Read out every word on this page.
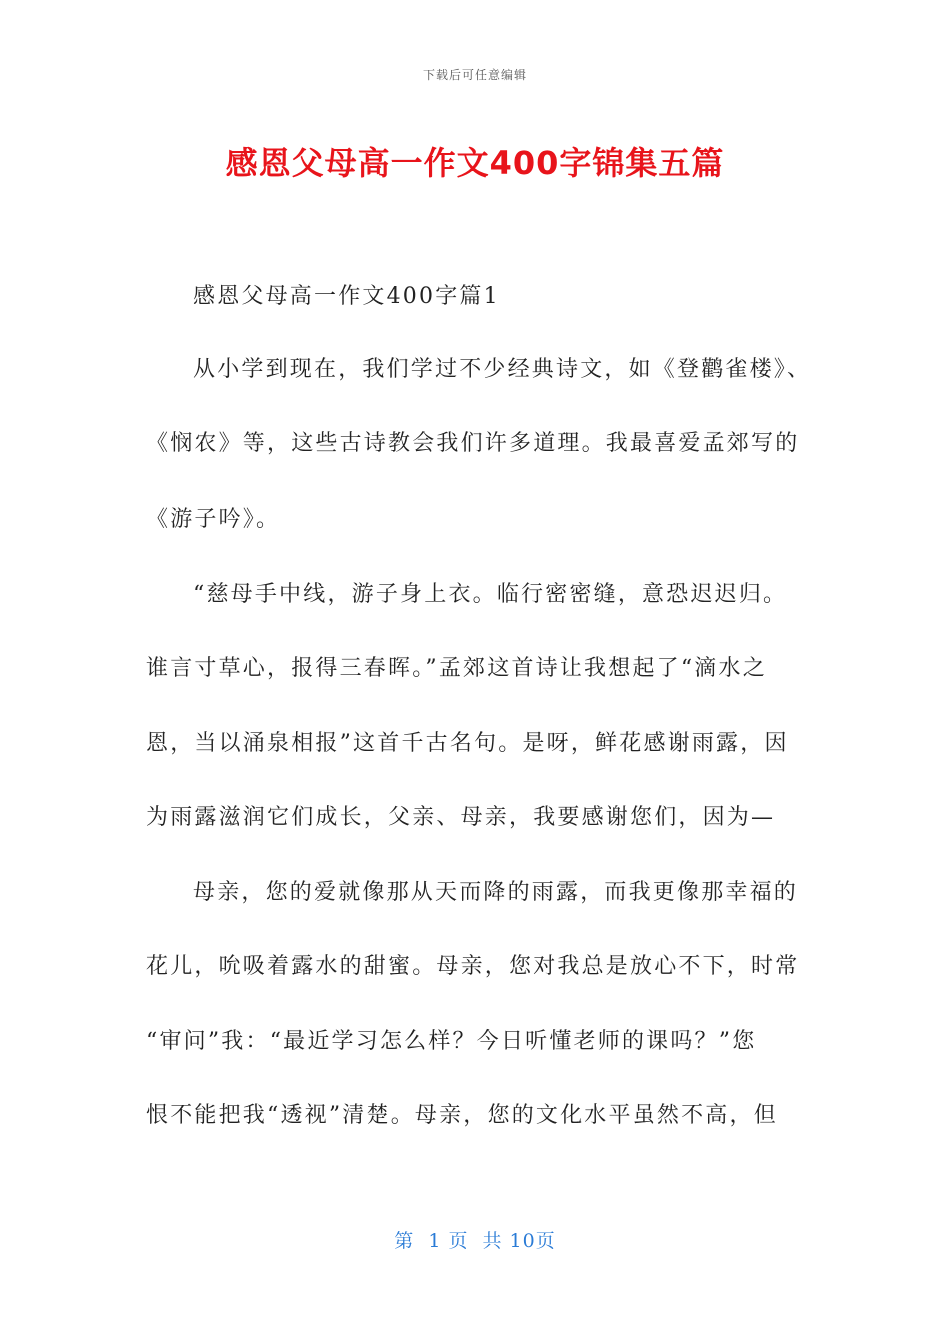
下载后可任意编辑
感恩父母高一作文400字锦集五篇
感恩父母高一作文400字篇1
从小学到现在，我们学过不少经典诗文，如《登鹳雀楼》、
《悯农》等，这些古诗教会我们许多道理。我最喜爱孟郊写的
《游子吟》。
“慈母手中线，游子身上衣。临行密密缝，意恐迟迟归。
谁言寸草心，报得三春晖。”孟郊这首诗让我想起了“滴水之
恩，当以涌泉相报”这首千古名句。是呀，鲜花感谢雨露，因
为雨露滋润它们成长，父亲、母亲，我要感谢您们，因为—
母亲，您的爱就像那从天而降的雨露，而我更像那幸福的
花儿，吮吸着露水的甜蜜。母亲，您对我总是放心不下，时常
“审问”我：“最近学习怎么样？今日听懂老师的课吗？”您
恨不能把我“透视”清楚。母亲，您的文化水平虽然不高，但
第  1 页  共 10页
